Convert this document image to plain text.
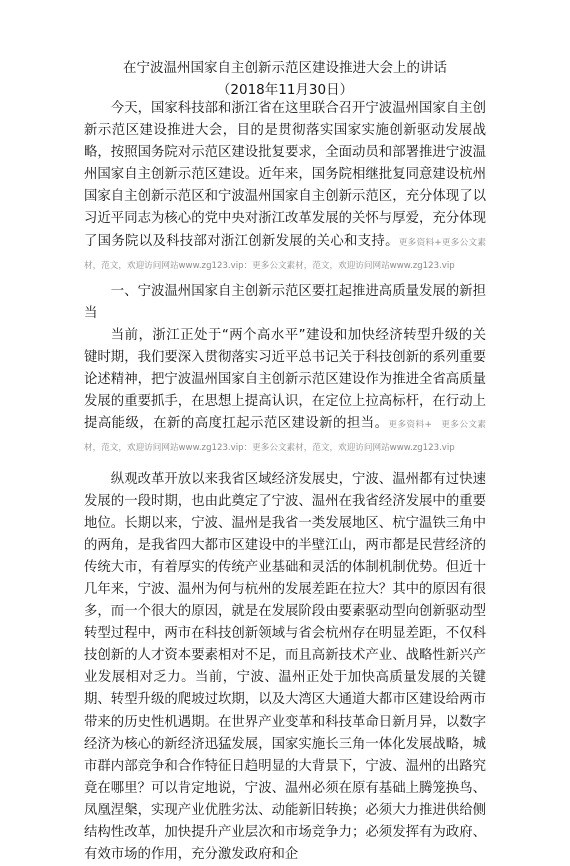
在宁波温州国家自主创新示范区建设推进大会上的讲话
（2018年11月30日）

今天，国家科技部和浙江省在这里联合召开宁波温州国家自主创新示范区建设推进大会，目的是贯彻落实国家实施创新驱动发展战略，按照国务院对示范区建设批复要求，全面动员和部署推进宁波温州国家自主创新示范区建设。近年来，国务院相继批复同意建设杭州国家自主创新示范区和宁波温州国家自主创新示范区，充分体现了以习近平同志为核心的党中央对浙江改革发展的关怀与厚爱，充分体现了国务院以及科技部对浙江创新发展的关心和支持。更多资料+更多公文素材，范文，欢迎访问网站www.zg123.vip：更多公文素材，范文，欢迎访问网站www.zg123.vip

一、宁波温州国家自主创新示范区要扛起推进高质量发展的新担当

当前，浙江正处于“两个高水平”建设和加快经济转型升级的关键时期，我们要深入贯彻落实习近平总书记关于科技创新的系列重要论述精神，把宁波温州国家自主创新示范区建设作为推进全省高质量发展的重要抓手，在思想上提高认识，在定位上拉高标杆，在行动上提高能级，在新的高度扛起示范区建设新的担当。更多资料+　更多公文素材，范文，欢迎访问网站www.zg123.vip：更多公文素材，范文，欢迎访问网站www.zg123.vip

纵观改革开放以来我省区域经济发展史，宁波、温州都有过快速发展的一段时期，也由此奠定了宁波、温州在我省经济发展中的重要地位。长期以来，宁波、温州是我省一类发展地区、杭宁温铁三角中的两角，是我省四大都市区建设中的半壁江山，两市都是民营经济的传统大市，有着厚实的传统产业基础和灵活的体制机制优势。但近十几年来，宁波、温州为何与杭州的发展差距在拉大？其中的原因有很多，而一个很大的原因，就是在发展阶段由要素驱动型向创新驱动型转型过程中，两市在科技创新领域与省会杭州存在明显差距，不仅科技创新的人才资本要素相对不足，而且高新技术产业、战略性新兴产业发展相对乏力。当前，宁波、温州正处于加快高质量发展的关键期、转型升级的爬坡过坎期，以及大湾区大通道大都市区建设给两市带来的历史性机遇期。在世界产业变革和科技革命日新月异，以数字经济为核心的新经济迅猛发展，国家实施长三角一体化发展战略，城市群内部竞争和合作特征日趋明显的大背景下，宁波、温州的出路究竟在哪里？可以肯定地说，宁波、温州必须在原有基础上腾笼换鸟、凤凰涅槃，实现产业优胜劣汰、动能新旧转换；必须大力推进供给侧结构性改革，加快提升产业层次和市场竞争力；必须发挥有为政府、有效市场的作用，充分激发政府和企
